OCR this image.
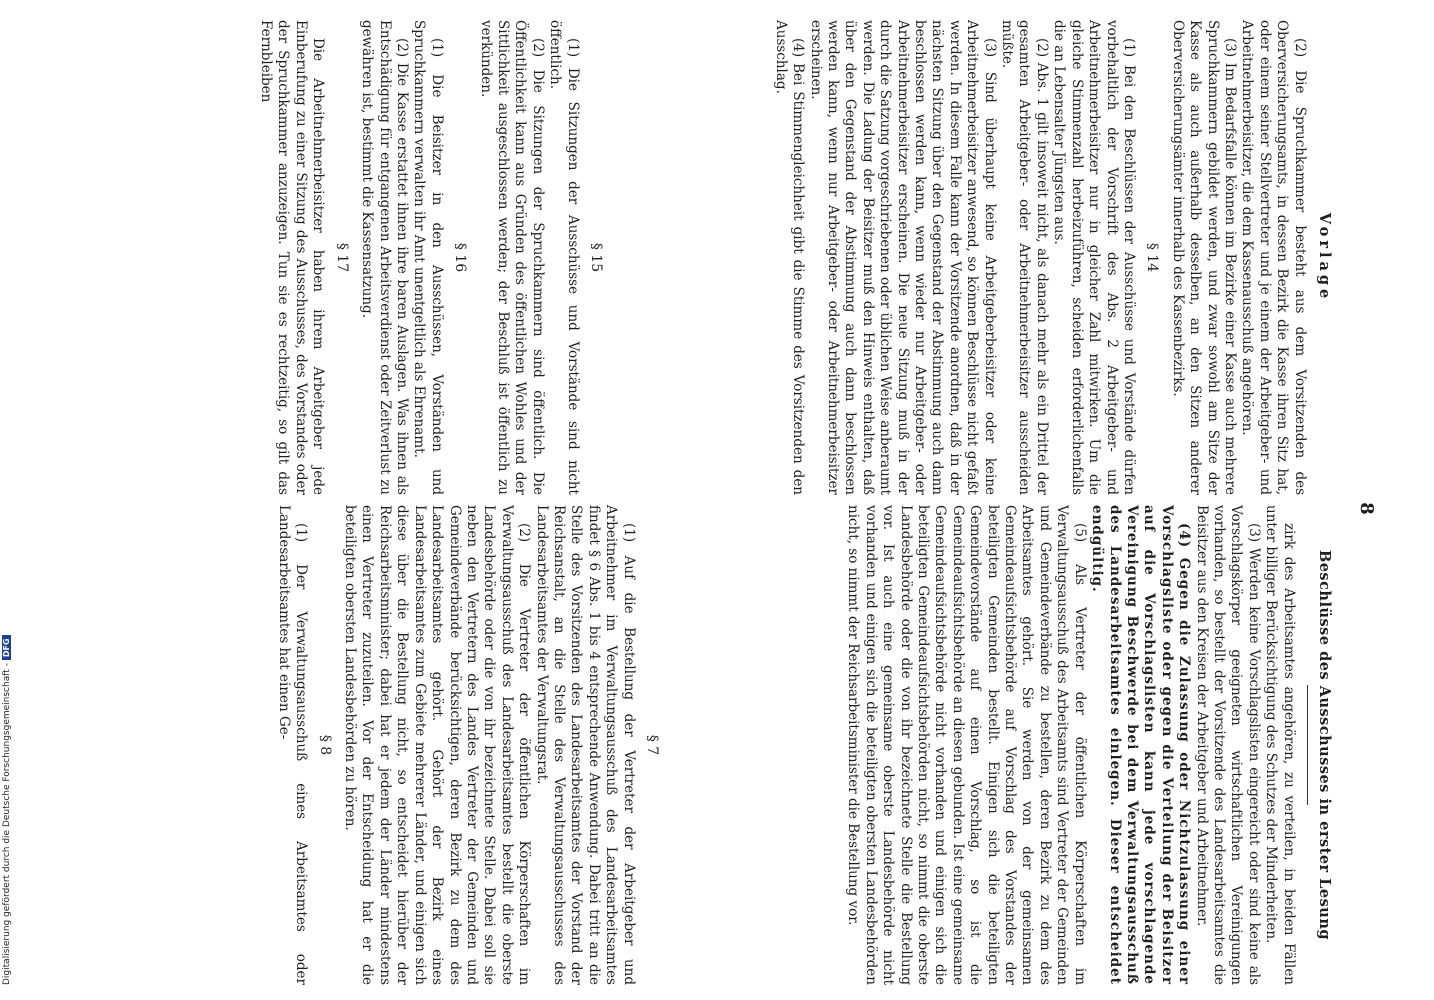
Digitalisierung gefördert durch die Deutsche Forschungsgemeinschaft -DFG
8
Beschlüsse des Ausschusses in erster Lesung

zirk des Arbeitsamtes angehören, zu verteilen, in beiden Fällen unter billiger Berücksichtigung des Schutzes der Minderheiten.

(3) Werden keine Vorschlagslisten eingereicht oder sind keine als Vorschlagskörper geeigneten wirtschaftlichen Vereinigungen vorhanden, so bestellt der Vorsitzende des Landesarbeitsamtes die Beisitzer aus den Kreisen der Arbeitgeber und Arbeitnehmer.

(4) Gegen die Zulassung oder Nichtzulassung einer Vorschlagsliste oder gegen die Verteilung der Beisitzer auf die Vorschlagslisten kann jede vorschlagende Vereinigung Beschwerde bei dem Verwaltungsausschuß des Landesarbeitsamtes einlegen. Dieser entscheidet endgültig.

(5) Als Vertreter der öffentlichen Körperschaften im Verwaltungsausschuß des Arbeitsamts sind Vertreter der Gemeinden und Gemeindeverbände zu bestellen, deren Bezirk zu dem des Arbeitsamtes gehört. Sie werden von der gemeinsamen Gemeindeaufsichtsbehörde auf Vorschlag des Vorstandes der beteiligten Gemeinden bestellt. Einigen sich die beteiligten Gemeindevorstände auf einen Vorschlag, so ist die Gemeindeaufsichtsbehörde an diesen gebunden. Ist eine gemeinsame Gemeindeaufsichtsbehörde nicht vorhanden und einigen sich die beteiligten Gemeindeaufsichtsbehörden nicht, so nimmt die oberste Landesbehörde oder die von ihr bezeichnete Stelle die Bestellung vor. Ist auch eine gemeinsame oberste Landesbehörde nicht vorhanden und einigen sich die beteiligten obersten Landesbehörden nicht, so nimmt der Reichsarbeitsminister die Bestellung vor.

§ 7

(1) Auf die Bestellung der Vertreter der Arbeitgeber und Arbeitnehmer im Verwaltungsausschuß des Landesarbeitsamtes findet § 6 Abs. 1 bis 4 entsprechende Anwendung. Dabei tritt an die Stelle des Vorsitzenden des Landesarbeitsamtes der Vorstand der Reichsanstalt, an die Stelle des Verwaltungsausschusses des Landesarbeitsamtes der Verwaltungsrat.

(2) Die Vertreter der öffentlichen Körperschaften im Verwaltungsausschuß des Landesarbeitsamtes bestellt die oberste Landesbehörde oder die von ihr bezeichnete Stelle. Dabei soll sie neben den Vertretern des Landes Vertreter der Gemeinden und Gemeindeverbände berücksichtigen, deren Bezirk zu dem des Landesarbeitsamtes gehört. Gehört der Bezirk eines Landesarbeitsamtes zum Gebiete mehrerer Länder, und einigen sich diese über die Bestellung nicht, so entscheidet hierüber der Reichsarbeitsminister; dabei hat er jedem der Länder mindestens einen Vertreter zuzuteilen. Vor der Entscheidung hat er die beteiligten obersten Landesbehörden zu hören.

§ 8

(1) Der Verwaltungsausschuß eines Arbeitsamtes oder Landesarbeitsamtes hat einen Ge-

Vorlage

(2) Die Spruchkammer besteht aus dem Vorsitzenden des Oberversicherungsamts, in dessen Bezirk die Kasse ihren Sitz hat, oder einem seiner Stellvertreter und je einem der Arbeitgeber- und Arbeitnehmerbeisitzer, die dem Kassenausschuß angehören.

(3) Im Bedarfsfalle können im Bezirke einer Kasse auch mehrere Spruchkammern gebildet werden, und zwar sowohl am Sitze der Kasse als auch außerhalb desselben, an den Sitzen anderer Oberversicherungsämter innerhalb des Kassenbezirks.

§ 14

(1) Bei den Beschlüssen der Ausschüsse und Vorstände dürfen vorbehaltlich der Vorschrift des Abs. 2 Arbeitgeber- und Arbeitnehmerbeisitzer nur in gleicher Zahl mitwirken. Um die gleiche Stimmenzahl herbeizuführen, scheiden erforderlichenfalls die an Lebensalter Jüngsten aus.

(2) Abs. 1 gilt insoweit nicht, als danach mehr als ein Drittel der gesamten Arbeitgeber- oder Arbeitnehmerbeisitzer ausscheiden müßte.

(3) Sind überhaupt keine Arbeitgeberbeisitzer oder keine Arbeitnehmerbeisitzer anwesend, so können Beschlüsse nicht gefaßt werden. In diesem Falle kann der Vorsitzende anordnen, daß in der nächsten Sitzung über den Gegenstand der Abstimmung auch dann beschlossen werden kann, wenn wieder nur Arbeitgeber- oder Arbeitnehmerbeisitzer erscheinen. Die neue Sitzung muß in der durch die Satzung vorgeschriebenen oder üblichen Weise anberaumt werden. Die Ladung der Beisitzer muß den Hinweis enthalten, daß über den Gegenstand der Abstimmung auch dann beschlossen werden kann, wenn nur Arbeitgeber- oder Arbeitnehmerbeisitzer erscheinen.

(4) Bei Stimmengleichheit gibt die Stimme des Vorsitzenden den Ausschlag.

§ 15

(1) Die Sitzungen der Ausschüsse und Vorstände sind nicht öffentlich.

(2) Die Sitzungen der Spruchkammern sind öffentlich. Die Öffentlichkeit kann aus Gründen des öffentlichen Wohles und der Sittlichkeit ausgeschlossen werden; der Beschluß ist öffentlich zu verkünden.

§ 16

(1) Die Beisitzer in den Ausschüssen, Vorständen und Spruchkammern verwalten ihr Amt unentgeltlich als Ehrenamt.

(2) Die Kasse erstattet ihnen ihre baren Auslagen. Was ihnen als Entschädigung für entgangenen Arbeitsverdienst oder Zeitverlust zu gewähren ist, bestimmt die Kassensatzung.

§ 17

Die Arbeitnehmerbeisitzer haben ihrem Arbeitgeber jede Einberufung zu einer Sitzung des Ausschusses, des Vorstandes oder der Spruchkammer anzuzeigen. Tun sie es rechtzeitig, so gilt das Fernbleiben
